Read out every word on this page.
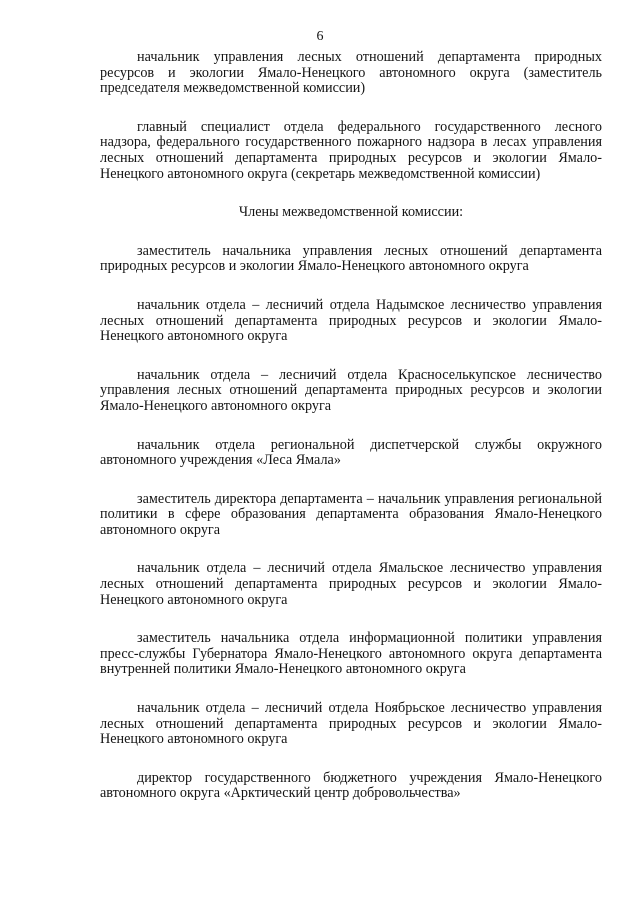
6

начальник управления лесных отношений департамента природных ресурсов и экологии Ямало-Ненецкого автономного округа (заместитель председателя межведомственной комиссии)

главный специалист отдела федерального государственного лесного надзора, федерального государственного пожарного надзора в лесах управления лесных отношений департамента природных ресурсов и экологии Ямало-Ненецкого автономного округа (секретарь межведомственной комиссии)

Члены межведомственной комиссии:

заместитель начальника управления лесных отношений департамента природных ресурсов и экологии Ямало-Ненецкого автономного округа

начальник отдела – лесничий отдела Надымское лесничество управления лесных отношений департамента природных ресурсов и экологии Ямало-Ненецкого автономного округа

начальник отдела – лесничий отдела Красноселькупское лесничество управления лесных отношений департамента природных ресурсов и экологии Ямало-Ненецкого автономного округа

начальник отдела региональной диспетчерской службы окружного автономного учреждения «Леса Ямала»

заместитель директора департамента – начальник управления региональной политики в сфере образования департамента образования Ямало-Ненецкого автономного округа

начальник отдела – лесничий отдела Ямальское лесничество управления лесных отношений департамента природных ресурсов и экологии Ямало-Ненецкого автономного округа

заместитель начальника отдела информационной политики управления пресс-службы Губернатора Ямало-Ненецкого автономного округа департамента внутренней политики Ямало-Ненецкого автономного округа

начальник отдела – лесничий отдела Ноябрьское лесничество управления лесных отношений департамента природных ресурсов и экологии Ямало-Ненецкого автономного округа

директор государственного бюджетного учреждения Ямало-Ненецкого автономного округа «Арктический центр добровольчества»
